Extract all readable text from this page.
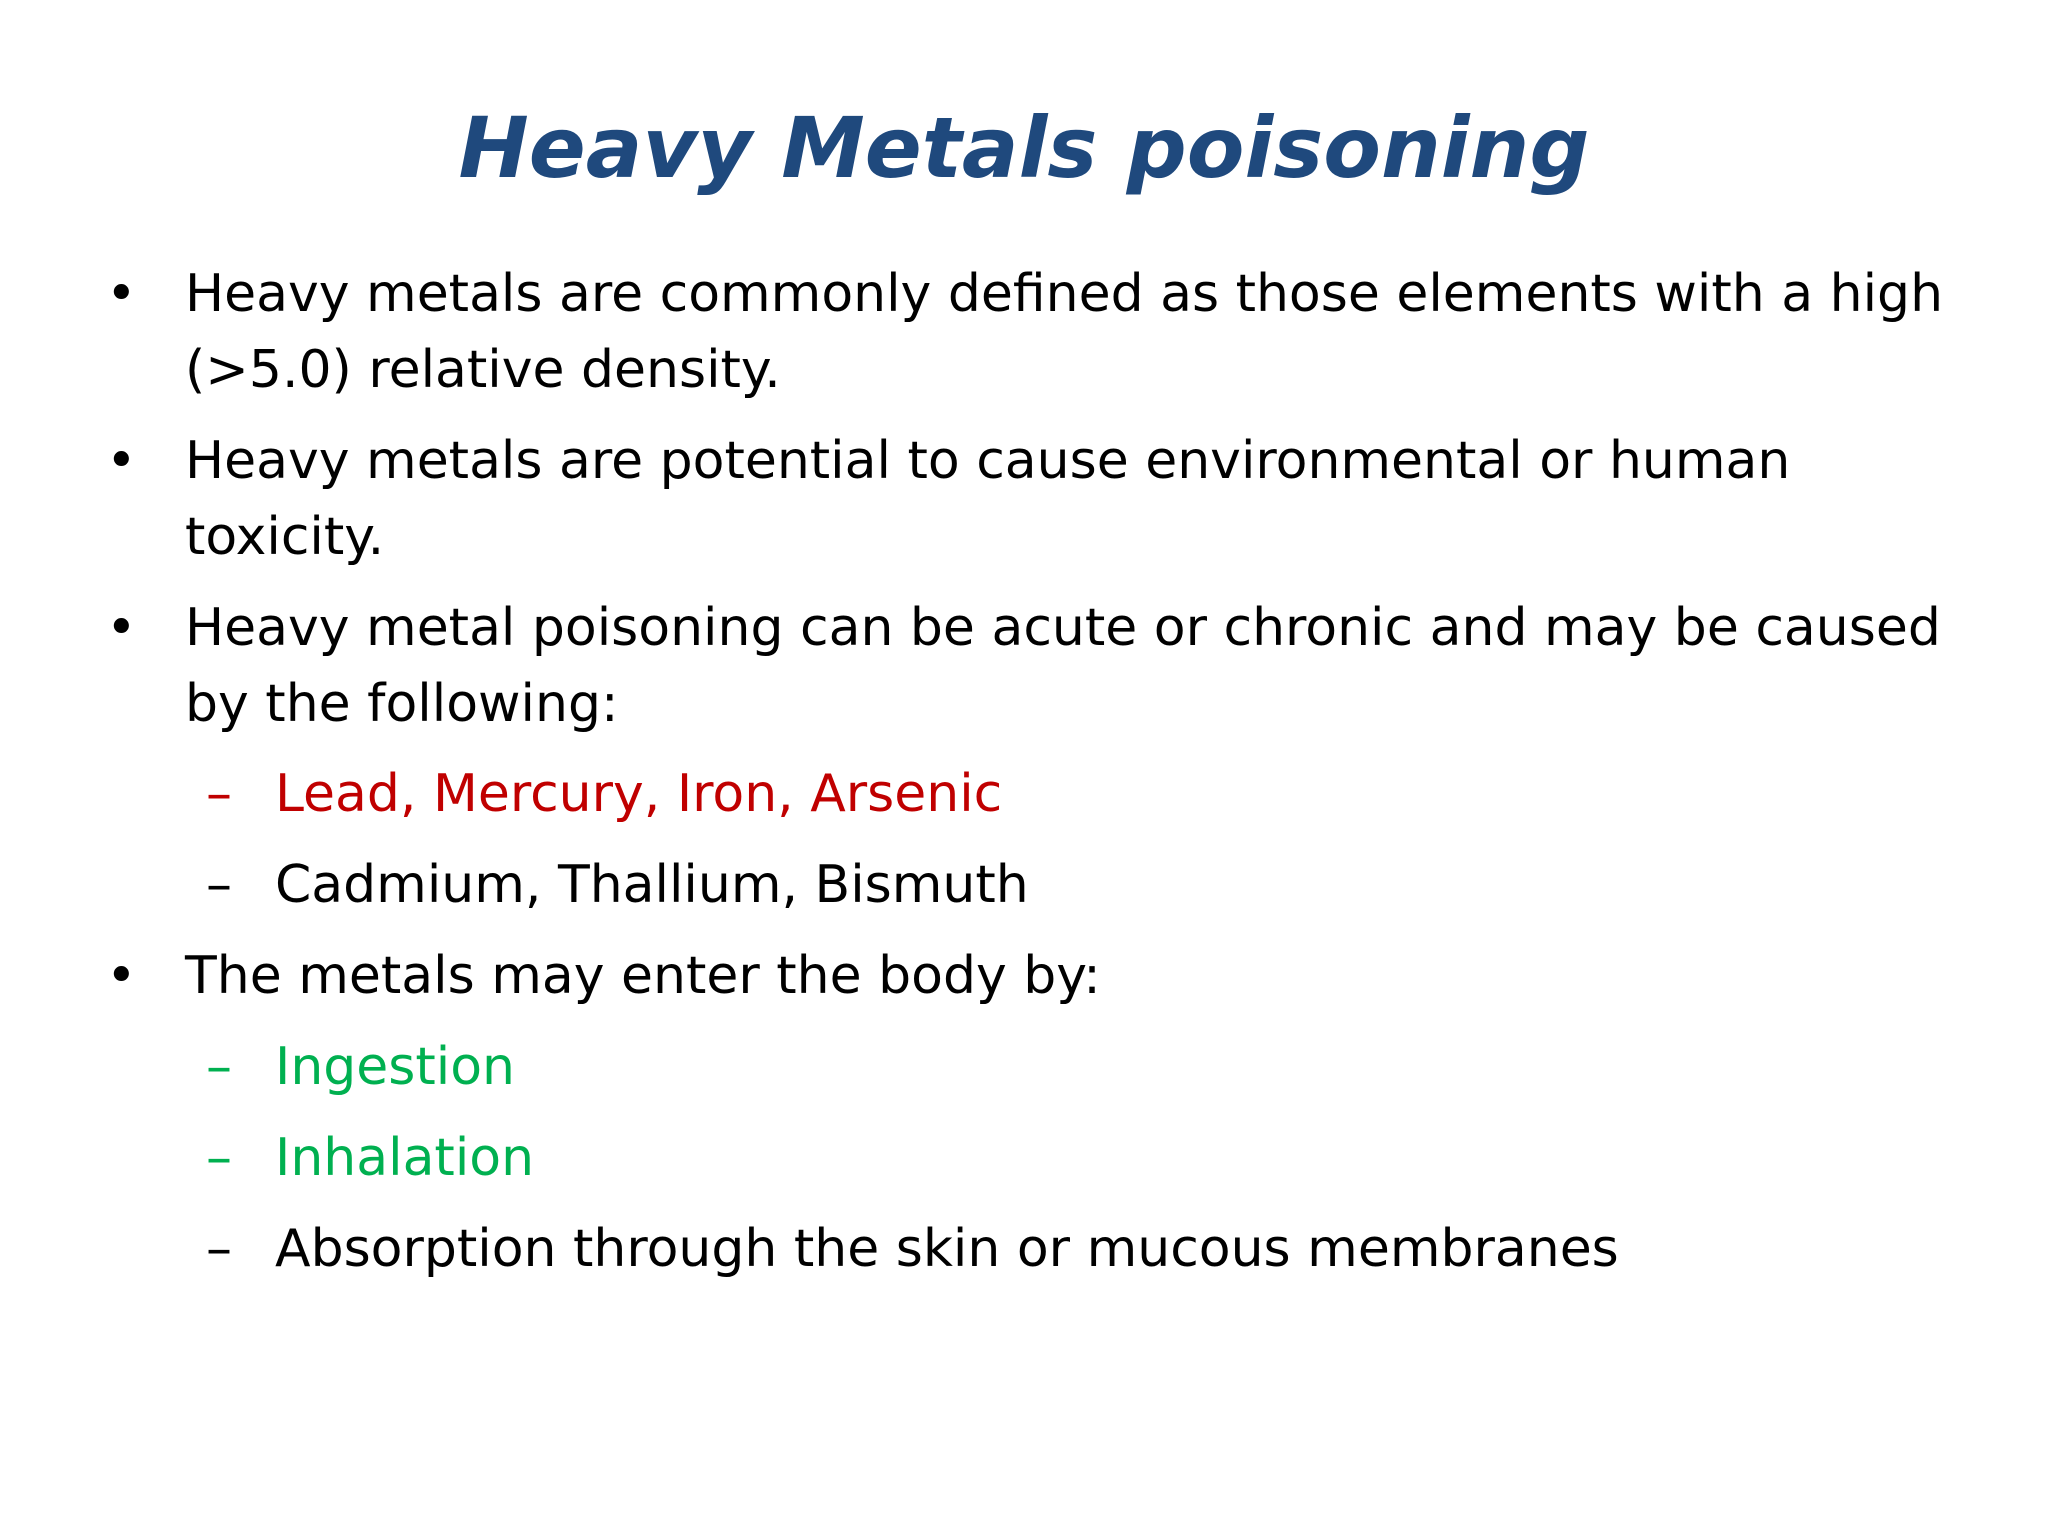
Heavy Metals poisoning
• Heavy metals are commonly defined as those elements with a high
(>5.0) relative density.
• Heavy metals are potential to cause environmental or human
toxicity.
• Heavy metal poisoning can be acute or chronic and may be caused
by the following:
– Lead, Mercury, Iron, Arsenic
– Cadmium, Thallium, Bismuth
• The metals may enter the body by:
– Ingestion
– Inhalation
– Absorption through the skin or mucous membranes
